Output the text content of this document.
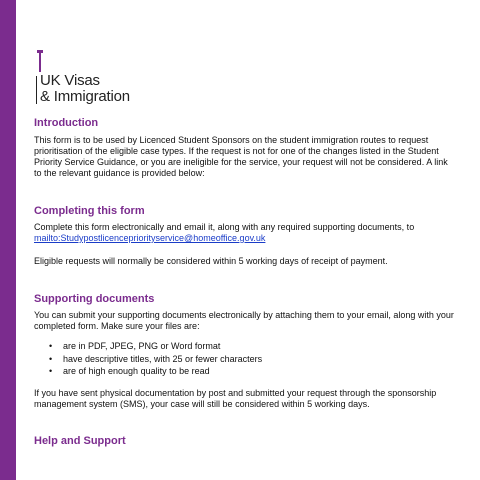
UK Visas
& Immigration
Introduction

This form is to be used by Licenced Student Sponsors on the student immigration routes to request prioritisation of the eligible case types. If the request is not for one of the changes listed in the Student Priority Service Guidance, or you are ineligible for the service, your request will not be considered. A link to the relevant guidance is provided below:

Completing this form

Complete this form electronically and email it, along with any required supporting documents, to
mailto:Studypostlicencepriorityservice@homeoffice.gov.uk

Eligible requests will normally be considered within 5 working days of receipt of payment.

Supporting documents

You can submit your supporting documents electronically by attaching them to your email, along with your completed form. Make sure your files are:

• are in PDF, JPEG, PNG or Word format
• have descriptive titles, with 25 or fewer characters
• are of high enough quality to be read

If you have sent physical documentation by post and submitted your request through the sponsorship management system (SMS), your case will still be considered within 5 working days.

Help and Support
